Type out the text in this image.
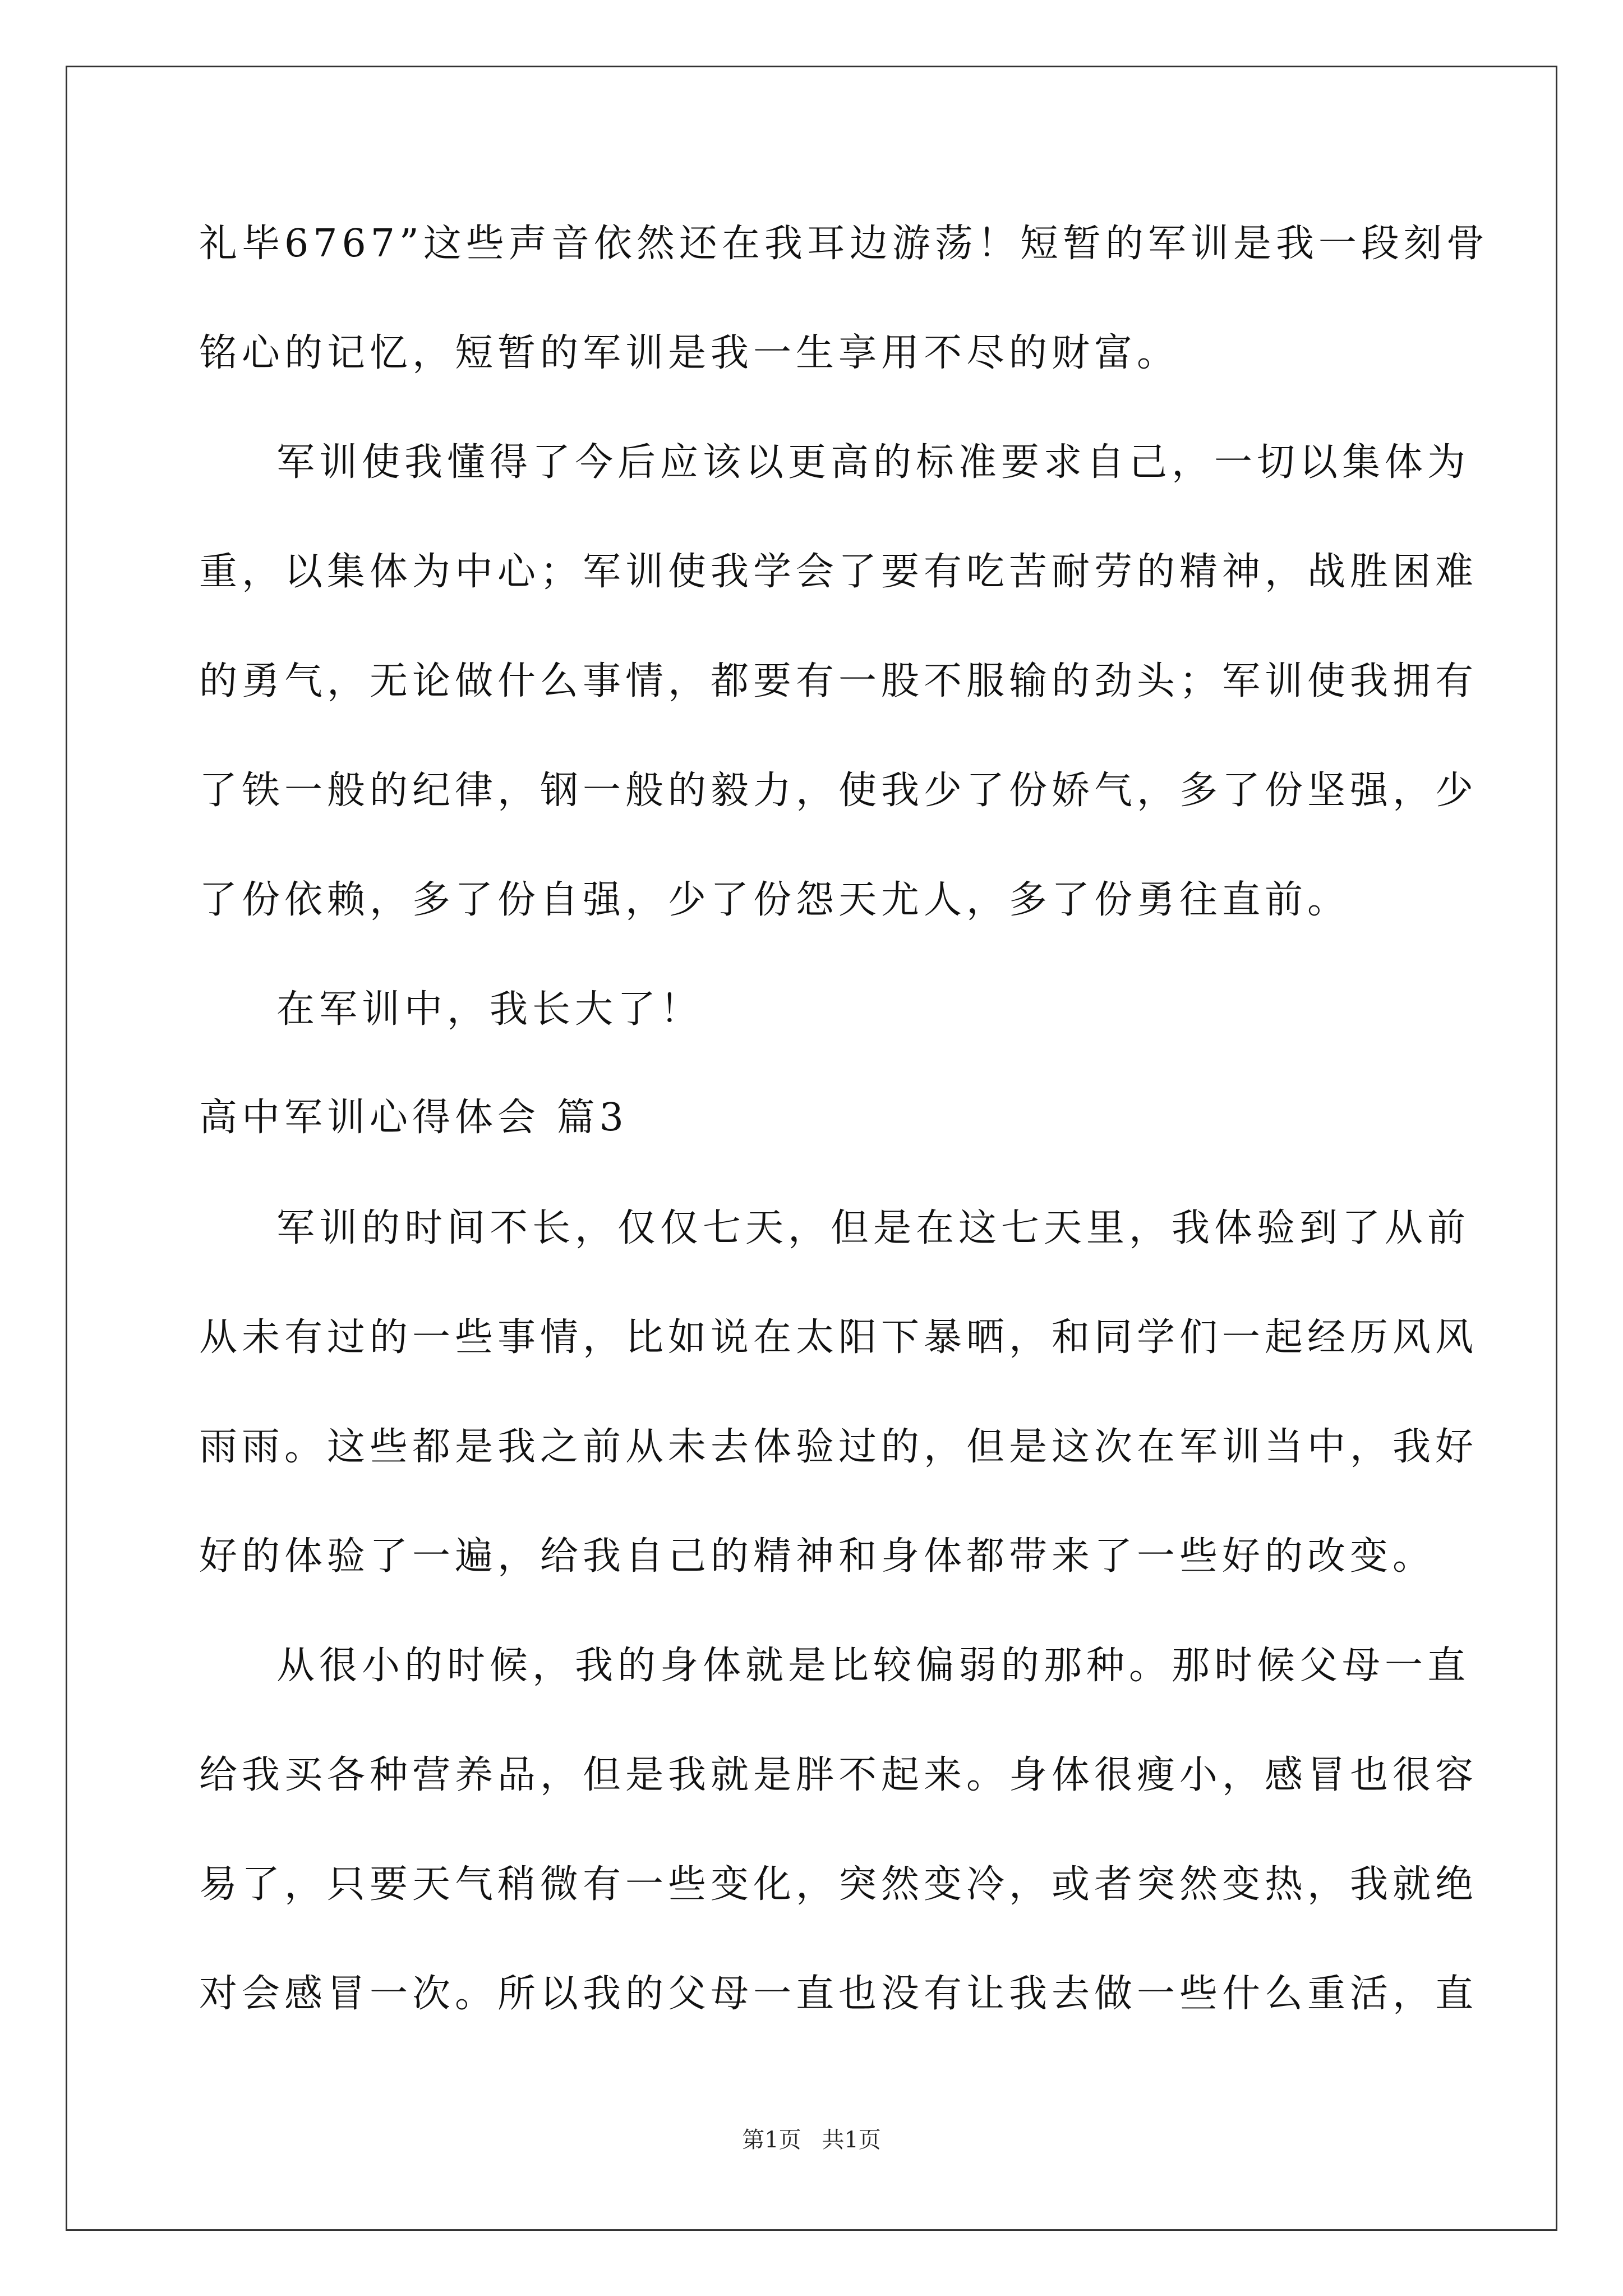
礼毕6767”这些声音依然还在我耳边游荡！短暂的军训是我一段刻骨
铭心的记忆，短暂的军训是我一生享用不尽的财富。
军训使我懂得了今后应该以更高的标准要求自己，一切以集体为
重，以集体为中心；军训使我学会了要有吃苦耐劳的精神，战胜困难
的勇气，无论做什么事情，都要有一股不服输的劲头；军训使我拥有
了铁一般的纪律，钢一般的毅力，使我少了份娇气，多了份坚强，少
了份依赖，多了份自强，少了份怨天尤人，多了份勇往直前。
在军训中，我长大了！
高中军训心得体会 篇3
军训的时间不长，仅仅七天，但是在这七天里，我体验到了从前
从未有过的一些事情，比如说在太阳下暴晒，和同学们一起经历风风
雨雨。这些都是我之前从未去体验过的，但是这次在军训当中，我好
好的体验了一遍，给我自己的精神和身体都带来了一些好的改变。
从很小的时候，我的身体就是比较偏弱的那种。那时候父母一直
给我买各种营养品，但是我就是胖不起来。身体很瘦小，感冒也很容
易了，只要天气稍微有一些变化，突然变冷，或者突然变热，我就绝
对会感冒一次。所以我的父母一直也没有让我去做一些什么重活，直
第1页 共1页
